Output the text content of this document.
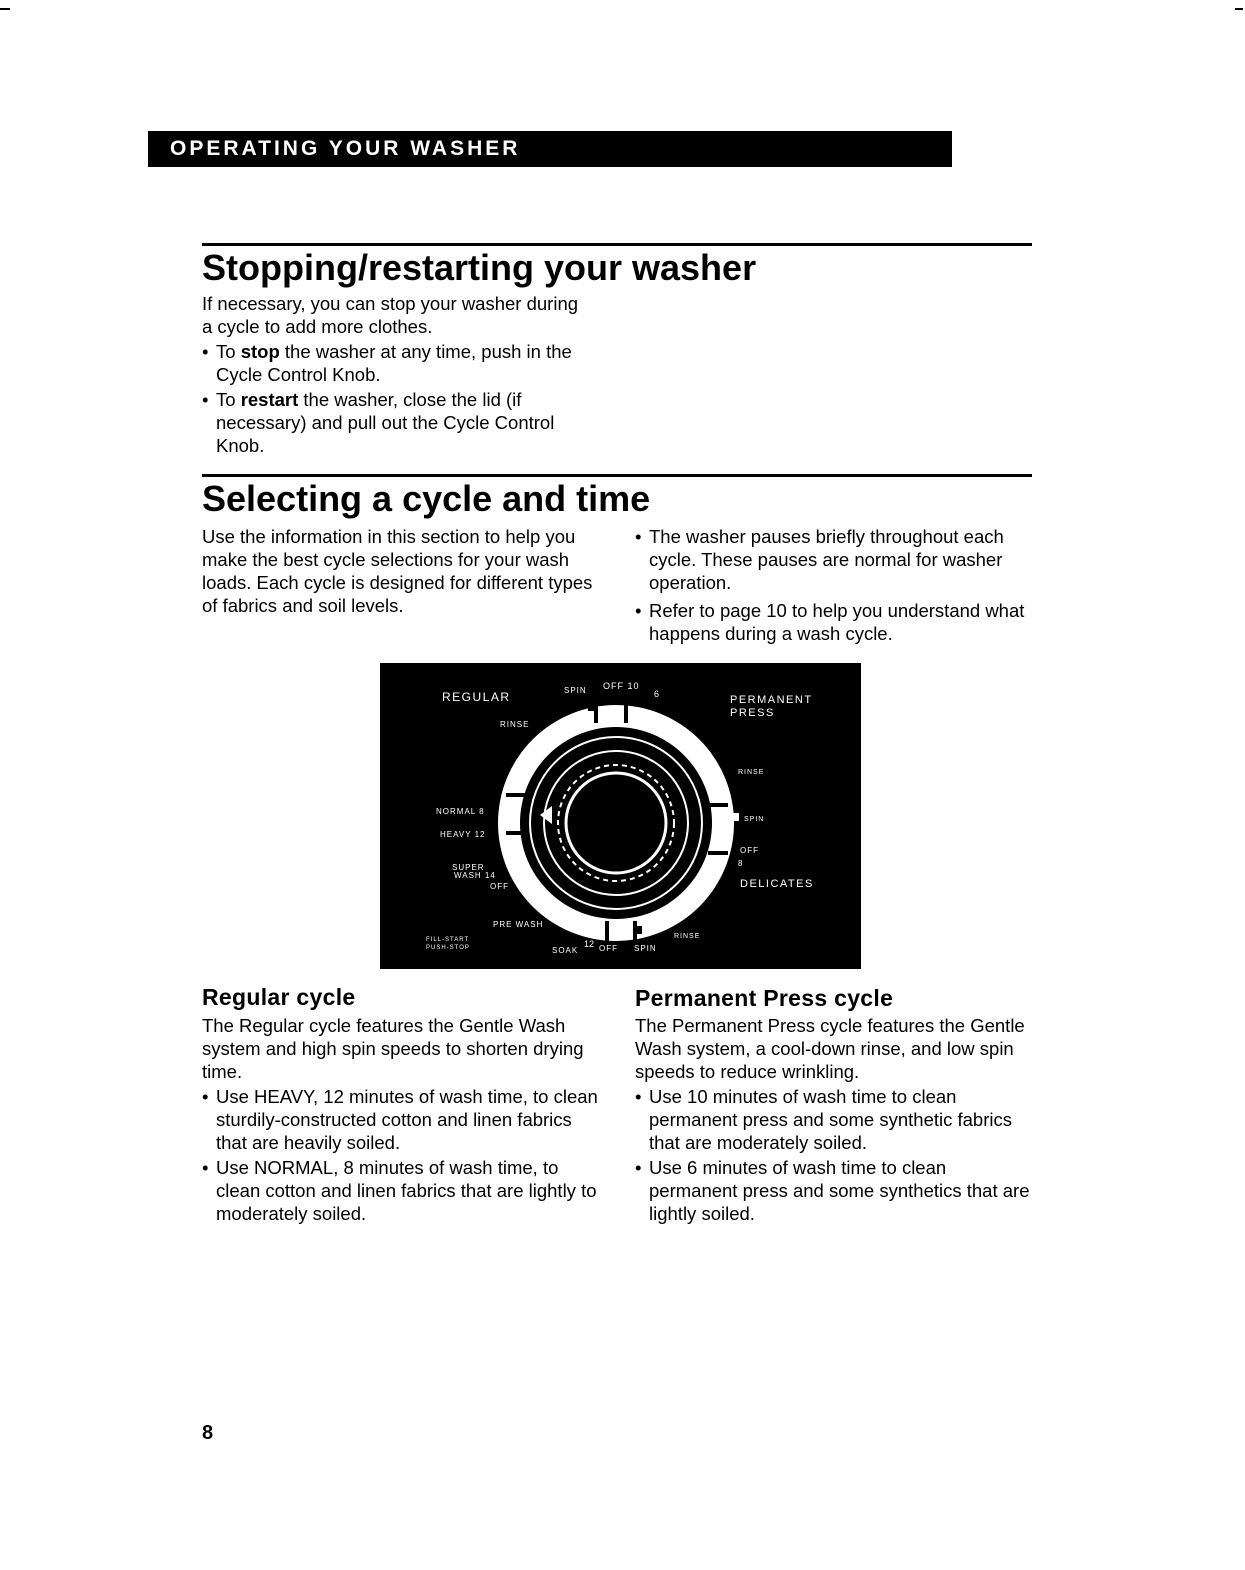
OPERATING YOUR WASHER
Stopping/restarting your washer

If necessary, you can stop your washer during a cycle to add more clothes.

• To stop the washer at any time, push in the Cycle Control Knob.
• To restart the washer, close the lid (if necessary) and pull out the Cycle Control Knob.
Selecting a cycle and time

Use the information in this section to help you make the best cycle selections for your wash loads. Each cycle is designed for different types of fabrics and soil levels.

• The washer pauses briefly throughout each cycle. These pauses are normal for washer operation.
• Refer to page 10 to help you understand what happens during a wash cycle.
REGULAR
RINSE
NORMAL 8
HEAVY 12
SUPER
WASH 14
OFF
PRE WASH
FILL-START
PUSH-STOP	SOAK
12 OFF SPIN
RINSE
SPIN OFF 10
6	PERMANENT
PRESS
RINSE
SPIN
OFF
8
DELICATES
Regular cycle

The Regular cycle features the Gentle Wash system and high spin speeds to shorten drying time.

• Use HEAVY, 12 minutes of wash time, to clean sturdily-constructed cotton and linen fabrics that are heavily soiled.
• Use NORMAL, 8 minutes of wash time, to clean cotton and linen fabrics that are lightly to moderately soiled.
Permanent Press cycle

The Permanent Press cycle features the Gentle Wash system, a cool-down rinse, and low spin speeds to reduce wrinkling.

• Use 10 minutes of wash time to clean permanent press and some synthetic fabrics that are moderately soiled.
• Use 6 minutes of wash time to clean permanent press and some synthetics that are lightly soiled.
8
